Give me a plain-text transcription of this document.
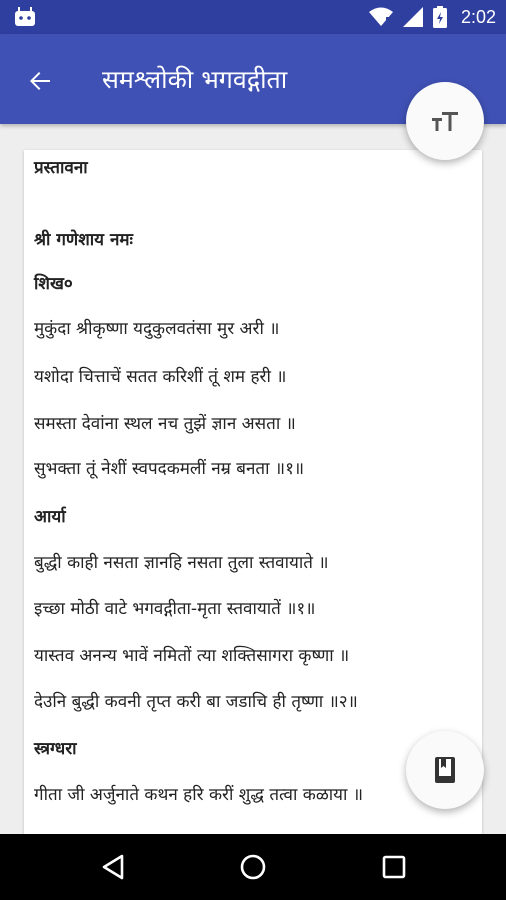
2:02
समश्लोकी भगवद्गीता
प्रस्तावना
श्री गणेशाय नमः
शिख०
मुकुंदा श्रीकृष्णा यदुकुलवतंसा मुर अरी ॥
यशोदा चित्ताचें सतत करिशीं तूं शम हरी ॥
समस्ता देवांना स्थल नच तुझें ज्ञान असता ॥
सुभक्ता तूं नेशीं स्वपदकमलीं नम्र बनता ॥१॥
आर्या
बुद्धी काही नसता ज्ञानहि नसता तुला स्तवायाते ॥
इच्छा मोठी वाटे भगवद्गीता-मृता स्तवायातें ॥१॥
यास्तव अनन्य भावें नमितों त्या शक्तिसागरा कृष्णा ॥
देउनि बुद्धी कवनी तृप्त करी बा जडाचि ही तृष्णा ॥२॥
स्त्रग्धरा
गीता जी अर्जुनाते कथन हरि करीं शुद्ध तत्वा कळाया ॥
